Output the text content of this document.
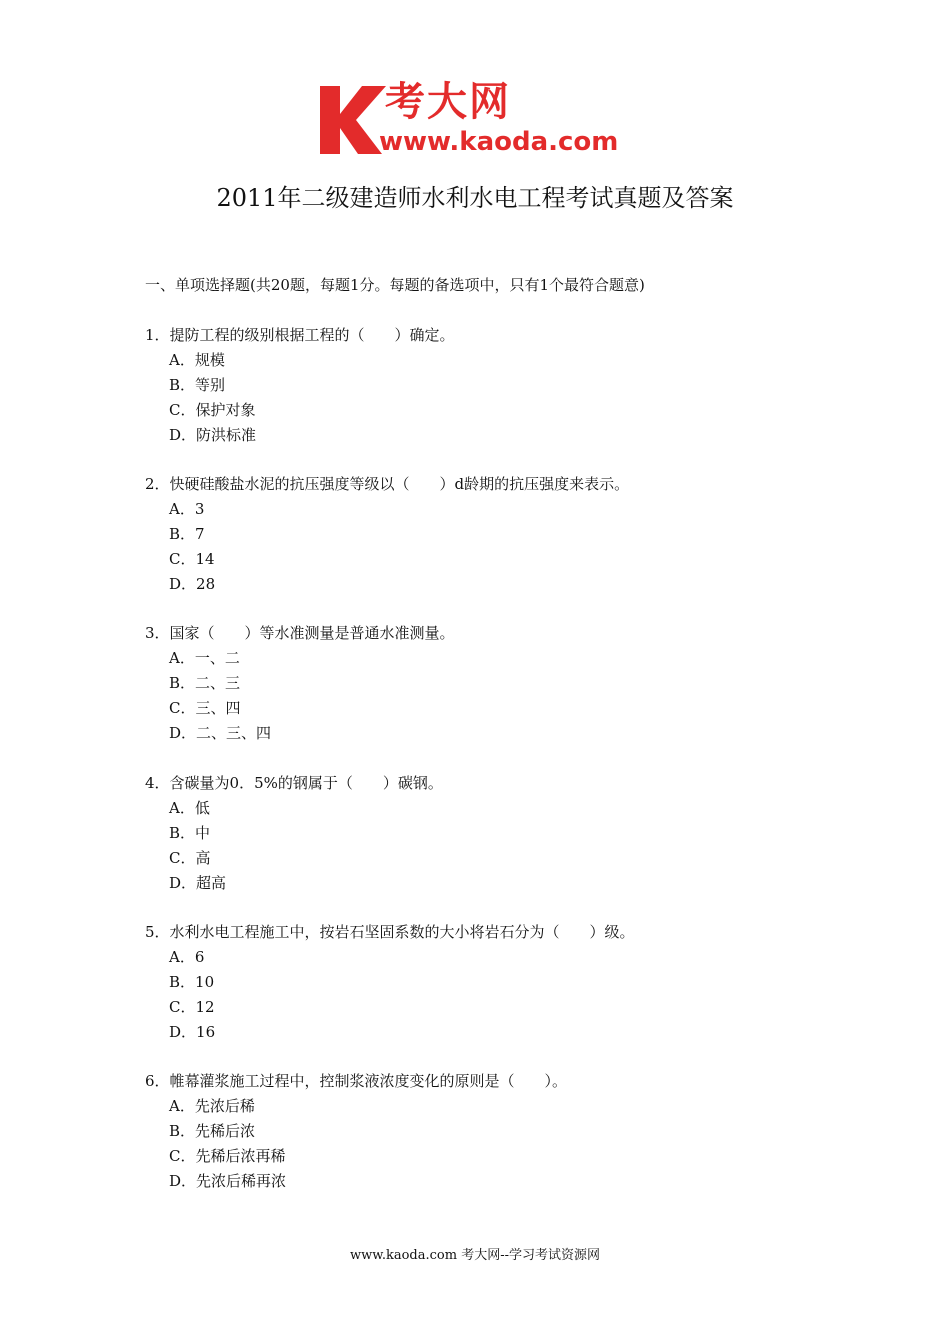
考大网
www.kaoda.com
2011年二级建造师水利水电工程考试真题及答案
一、单项选择题(共20题，每题1分。每题的备选项中，只有1个最符合题意)
1．提防工程的级别根据工程的（　　）确定。
A．规模
B．等别
C．保护对象
D．防洪标准
2．快硬硅酸盐水泥的抗压强度等级以（　　）d龄期的抗压强度来表示。
A．3
B．7
C．14
D．28
3．国家（　　）等水准测量是普通水准测量。
A．一、二
B．二、三
C．三、四
D．二、三、四
4．含碳量为0．5%的钢属于（　　）碳钢。
A．低
B．中
C．高
D．超高
5．水利水电工程施工中，按岩石坚固系数的大小将岩石分为（　　）级。
A．6
B．10
C．12
D．16
6．帷幕灌浆施工过程中，控制浆液浓度变化的原则是（　　）。
A．先浓后稀
B．先稀后浓
C．先稀后浓再稀
D．先浓后稀再浓
www.kaoda.com 考大网--学习考试资源网
